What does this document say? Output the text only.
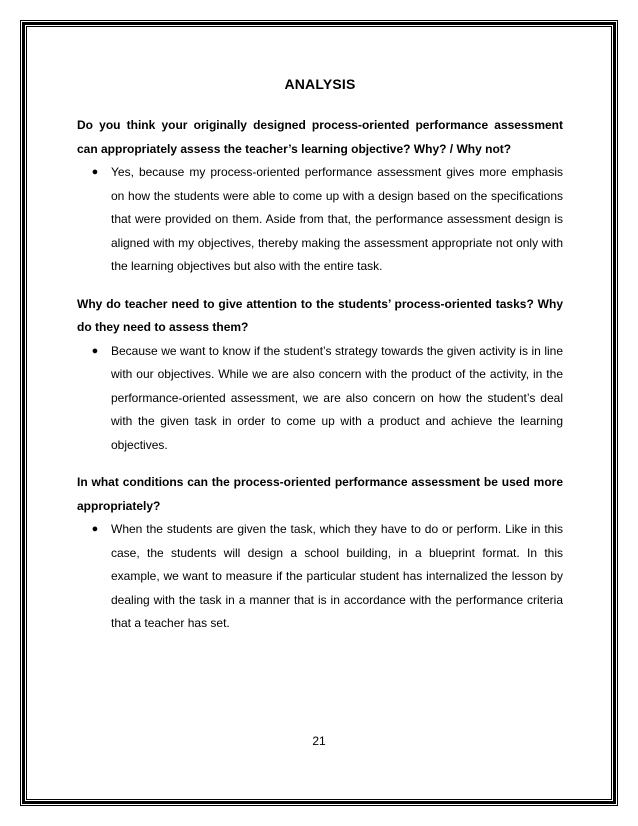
ANALYSIS

Do you think your originally designed process-oriented performance assessment can appropriately assess the teacher’s learning objective? Why? / Why not?

●	Yes, because my process-oriented performance assessment gives more emphasis on how the students were able to come up with a design based on the specifications that were provided on them. Aside from that, the performance assessment design is aligned with my objectives, thereby making the assessment appropriate not only with the learning objectives but also with the entire task.

Why do teacher need to give attention to the students’ process-oriented tasks? Why do they need to assess them?

●	Because we want to know if the student’s strategy towards the given activity is in line with our objectives. While we are also concern with the product of the activity, in the performance-oriented assessment, we are also concern on how the student’s deal with the given task in order to come up with a product and achieve the learning objectives.

In what conditions can the process-oriented performance assessment be used more appropriately?

●	When the students are given the task, which they have to do or perform. Like in this case, the students will design a school building, in a blueprint format. In this example, we want to measure if the particular student has internalized the lesson by dealing with the task in a manner that is in accordance with the performance criteria that a teacher has set.
21
